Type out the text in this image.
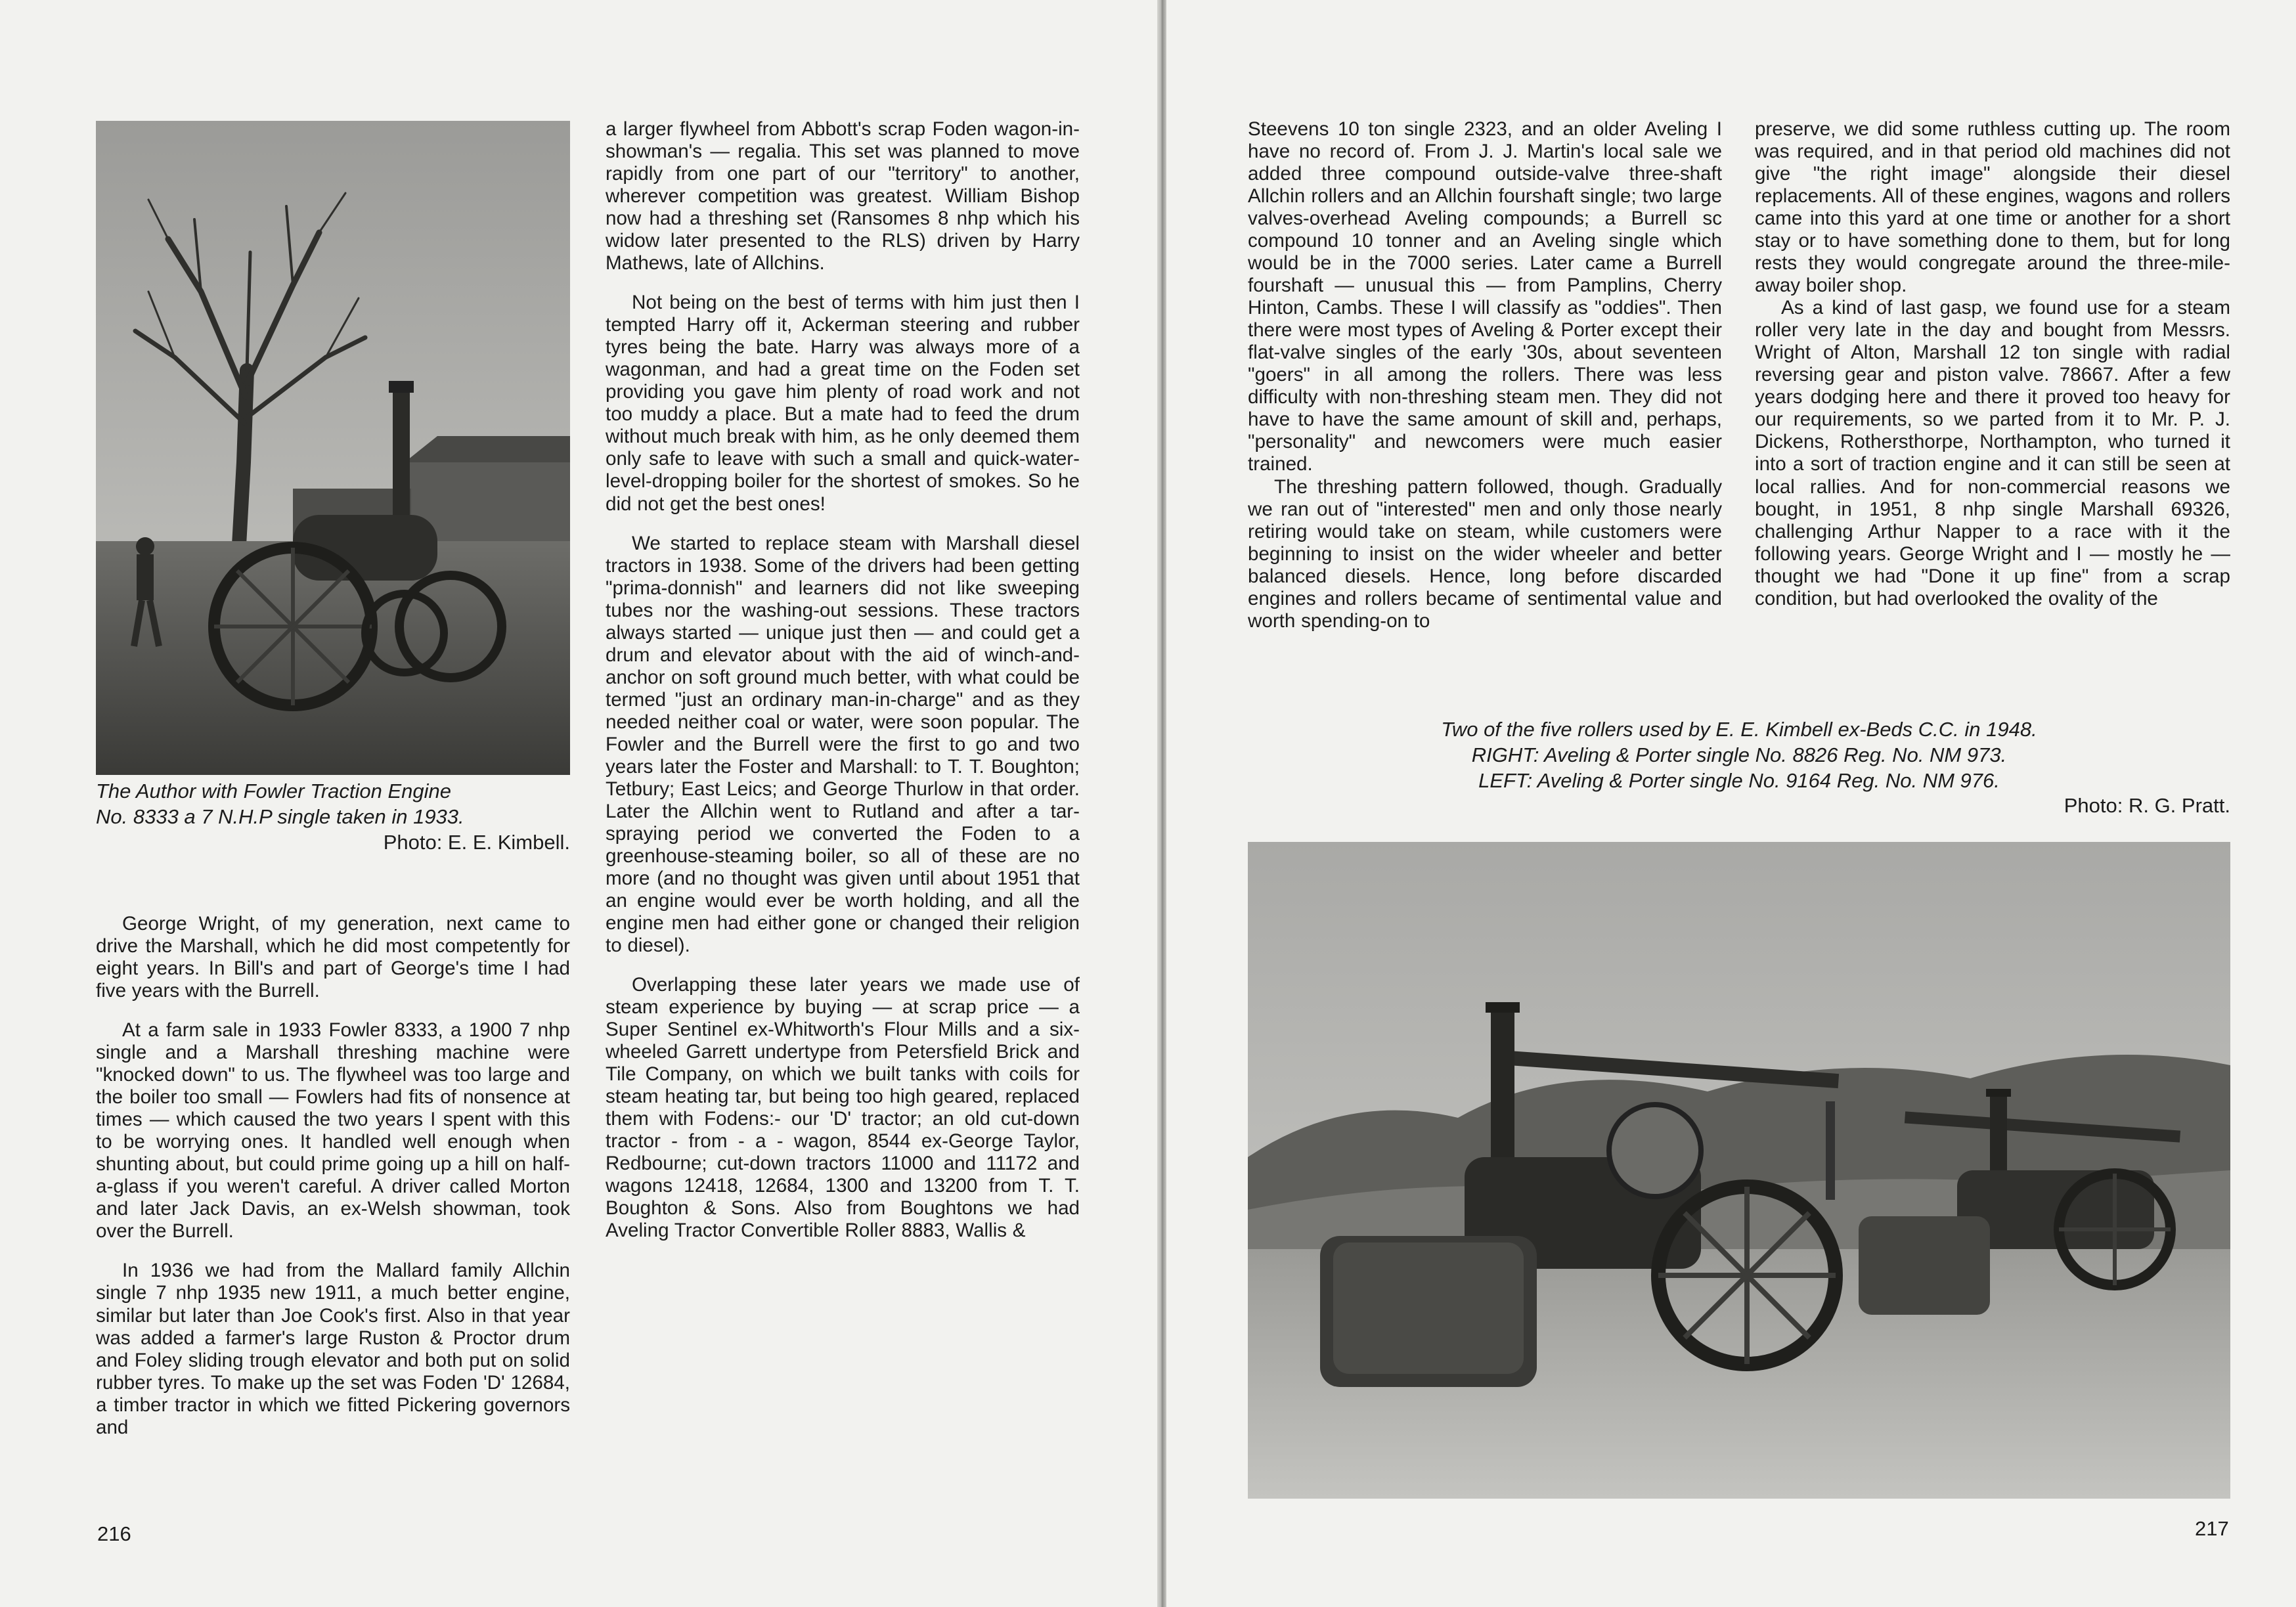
The Author with Fowler Traction Engine

No. 8333 a 7 N.H.P single taken in 1933.

Photo: E. E. Kimbell.

George Wright, of my generation, next came to drive the Marshall, which he did most competently for eight years. In Bill's and part of George's time I had five years with the Burrell.

At a farm sale in 1933 Fowler 8333, a 1900 7 nhp single and a Marshall threshing machine were "knocked down" to us. The flywheel was too large and the boiler too small — Fowlers had fits of nonsence at times — which caused the two years I spent with this to be worrying ones. It handled well enough when shunting about, but could prime going up a hill on half-a-glass if you weren't careful. A driver called Morton and later Jack Davis, an ex-Welsh showman, took over the Burrell.

In 1936 we had from the Mallard family Allchin single 7 nhp 1935 new 1911, a much better engine, similar but later than Joe Cook's first. Also in that year was added a farmer's large Ruston & Proctor drum and Foley sliding trough elevator and both put on solid rubber tyres. To make up the set was Foden 'D' 12684, a timber tractor in which we fitted Pickering governors and

a larger flywheel from Abbott's scrap Foden wagon-in-showman's — regalia. This set was planned to move rapidly from one part of our "territory" to another, wherever competition was greatest. William Bishop now had a threshing set (Ransomes 8 nhp which his widow later presented to the RLS) driven by Harry Mathews, late of Allchins.

Not being on the best of terms with him just then I tempted Harry off it, Ackerman steering and rubber tyres being the bate. Harry was always more of a wagonman, and had a great time on the Foden set providing you gave him plenty of road work and not too muddy a place. But a mate had to feed the drum without much break with him, as he only deemed them only safe to leave with such a small and quick-water-level-dropping boiler for the shortest of smokes. So he did not get the best ones!

We started to replace steam with Marshall diesel tractors in 1938. Some of the drivers had been getting "prima-donnish" and learners did not like sweeping tubes nor the washing-out sessions. These tractors always started — unique just then — and could get a drum and elevator about with the aid of winch-and-anchor on soft ground much better, with what could be termed "just an ordinary man-in-charge" and as they needed neither coal or water, were soon popular. The Fowler and the Burrell were the first to go and two years later the Foster and Marshall: to T. T. Boughton; Tetbury; East Leics; and George Thurlow in that order. Later the Allchin went to Rutland and after a tar-spraying period we converted the Foden to a greenhouse-steaming boiler, so all of these are no more (and no thought was given until about 1951 that an engine would ever be worth holding, and all the engine men had either gone or changed their religion to diesel).

Overlapping these later years we made use of steam experience by buying — at scrap price — a Super Sentinel ex-Whitworth's Flour Mills and a six-wheeled Garrett undertype from Petersfield Brick and Tile Company, on which we built tanks with coils for steam heating tar, but being too high geared, replaced them with Fodens:- our 'D' tractor; an old cut-down tractor - from - a - wagon, 8544 ex-George Taylor, Redbourne; cut-down tractors 11000 and 11172 and wagons 12418, 12684, 1300 and 13200 from T. T. Boughton & Sons. Also from Boughtons we had Aveling Tractor Convertible Roller 8883, Wallis &

216

Steevens 10 ton single 2323, and an older Aveling I have no record of. From J. J. Martin's local sale we added three compound outside-valve three-shaft Allchin rollers and an Allchin fourshaft single; two large valves-overhead Aveling compounds; a Burrell sc compound 10 tonner and an Aveling single which would be in the 7000 series. Later came a Burrell fourshaft — unusual this — from Pamplins, Cherry Hinton, Cambs. These I will classify as "oddies". Then there were most types of Aveling & Porter except their flat-valve singles of the early '30s, about seventeen "goers" in all among the rollers. There was less difficulty with non-threshing steam men. They did not have to have the same amount of skill and, perhaps, "personality" and newcomers were much easier trained.

The threshing pattern followed, though. Gradually we ran out of "interested" men and only those nearly retiring would take on steam, while customers were beginning to insist on the wider wheeler and better balanced diesels. Hence, long before discarded engines and rollers became of sentimental value and worth spending-on to

preserve, we did some ruthless cutting up. The room was required, and in that period old machines did not give "the right image" alongside their diesel replacements. All of these engines, wagons and rollers came into this yard at one time or another for a short stay or to have something done to them, but for long rests they would congregate around the three-mile-away boiler shop.

As a kind of last gasp, we found use for a steam roller very late in the day and bought from Messrs. Wright of Alton, Marshall 12 ton single with radial reversing gear and piston valve. 78667. After a few years dodging here and there it proved too heavy for our requirements, so we parted from it to Mr. P. J. Dickens, Rothersthorpe, Northampton, who turned it into a sort of traction engine and it can still be seen at local rallies. And for non-commercial reasons we bought, in 1951, 8 nhp single Marshall 69326, challenging Arthur Napper to a race with it the following years. George Wright and I — mostly he — thought we had "Done it up fine" from a scrap condition, but had overlooked the ovality of the

Two of the five rollers used by E. E. Kimbell ex-Beds C.C. in 1948.

RIGHT: Aveling & Porter single No. 8826 Reg. No. NM 973.

LEFT: Aveling & Porter single No. 9164 Reg. No. NM 976.

Photo: R. G. Pratt.

217
